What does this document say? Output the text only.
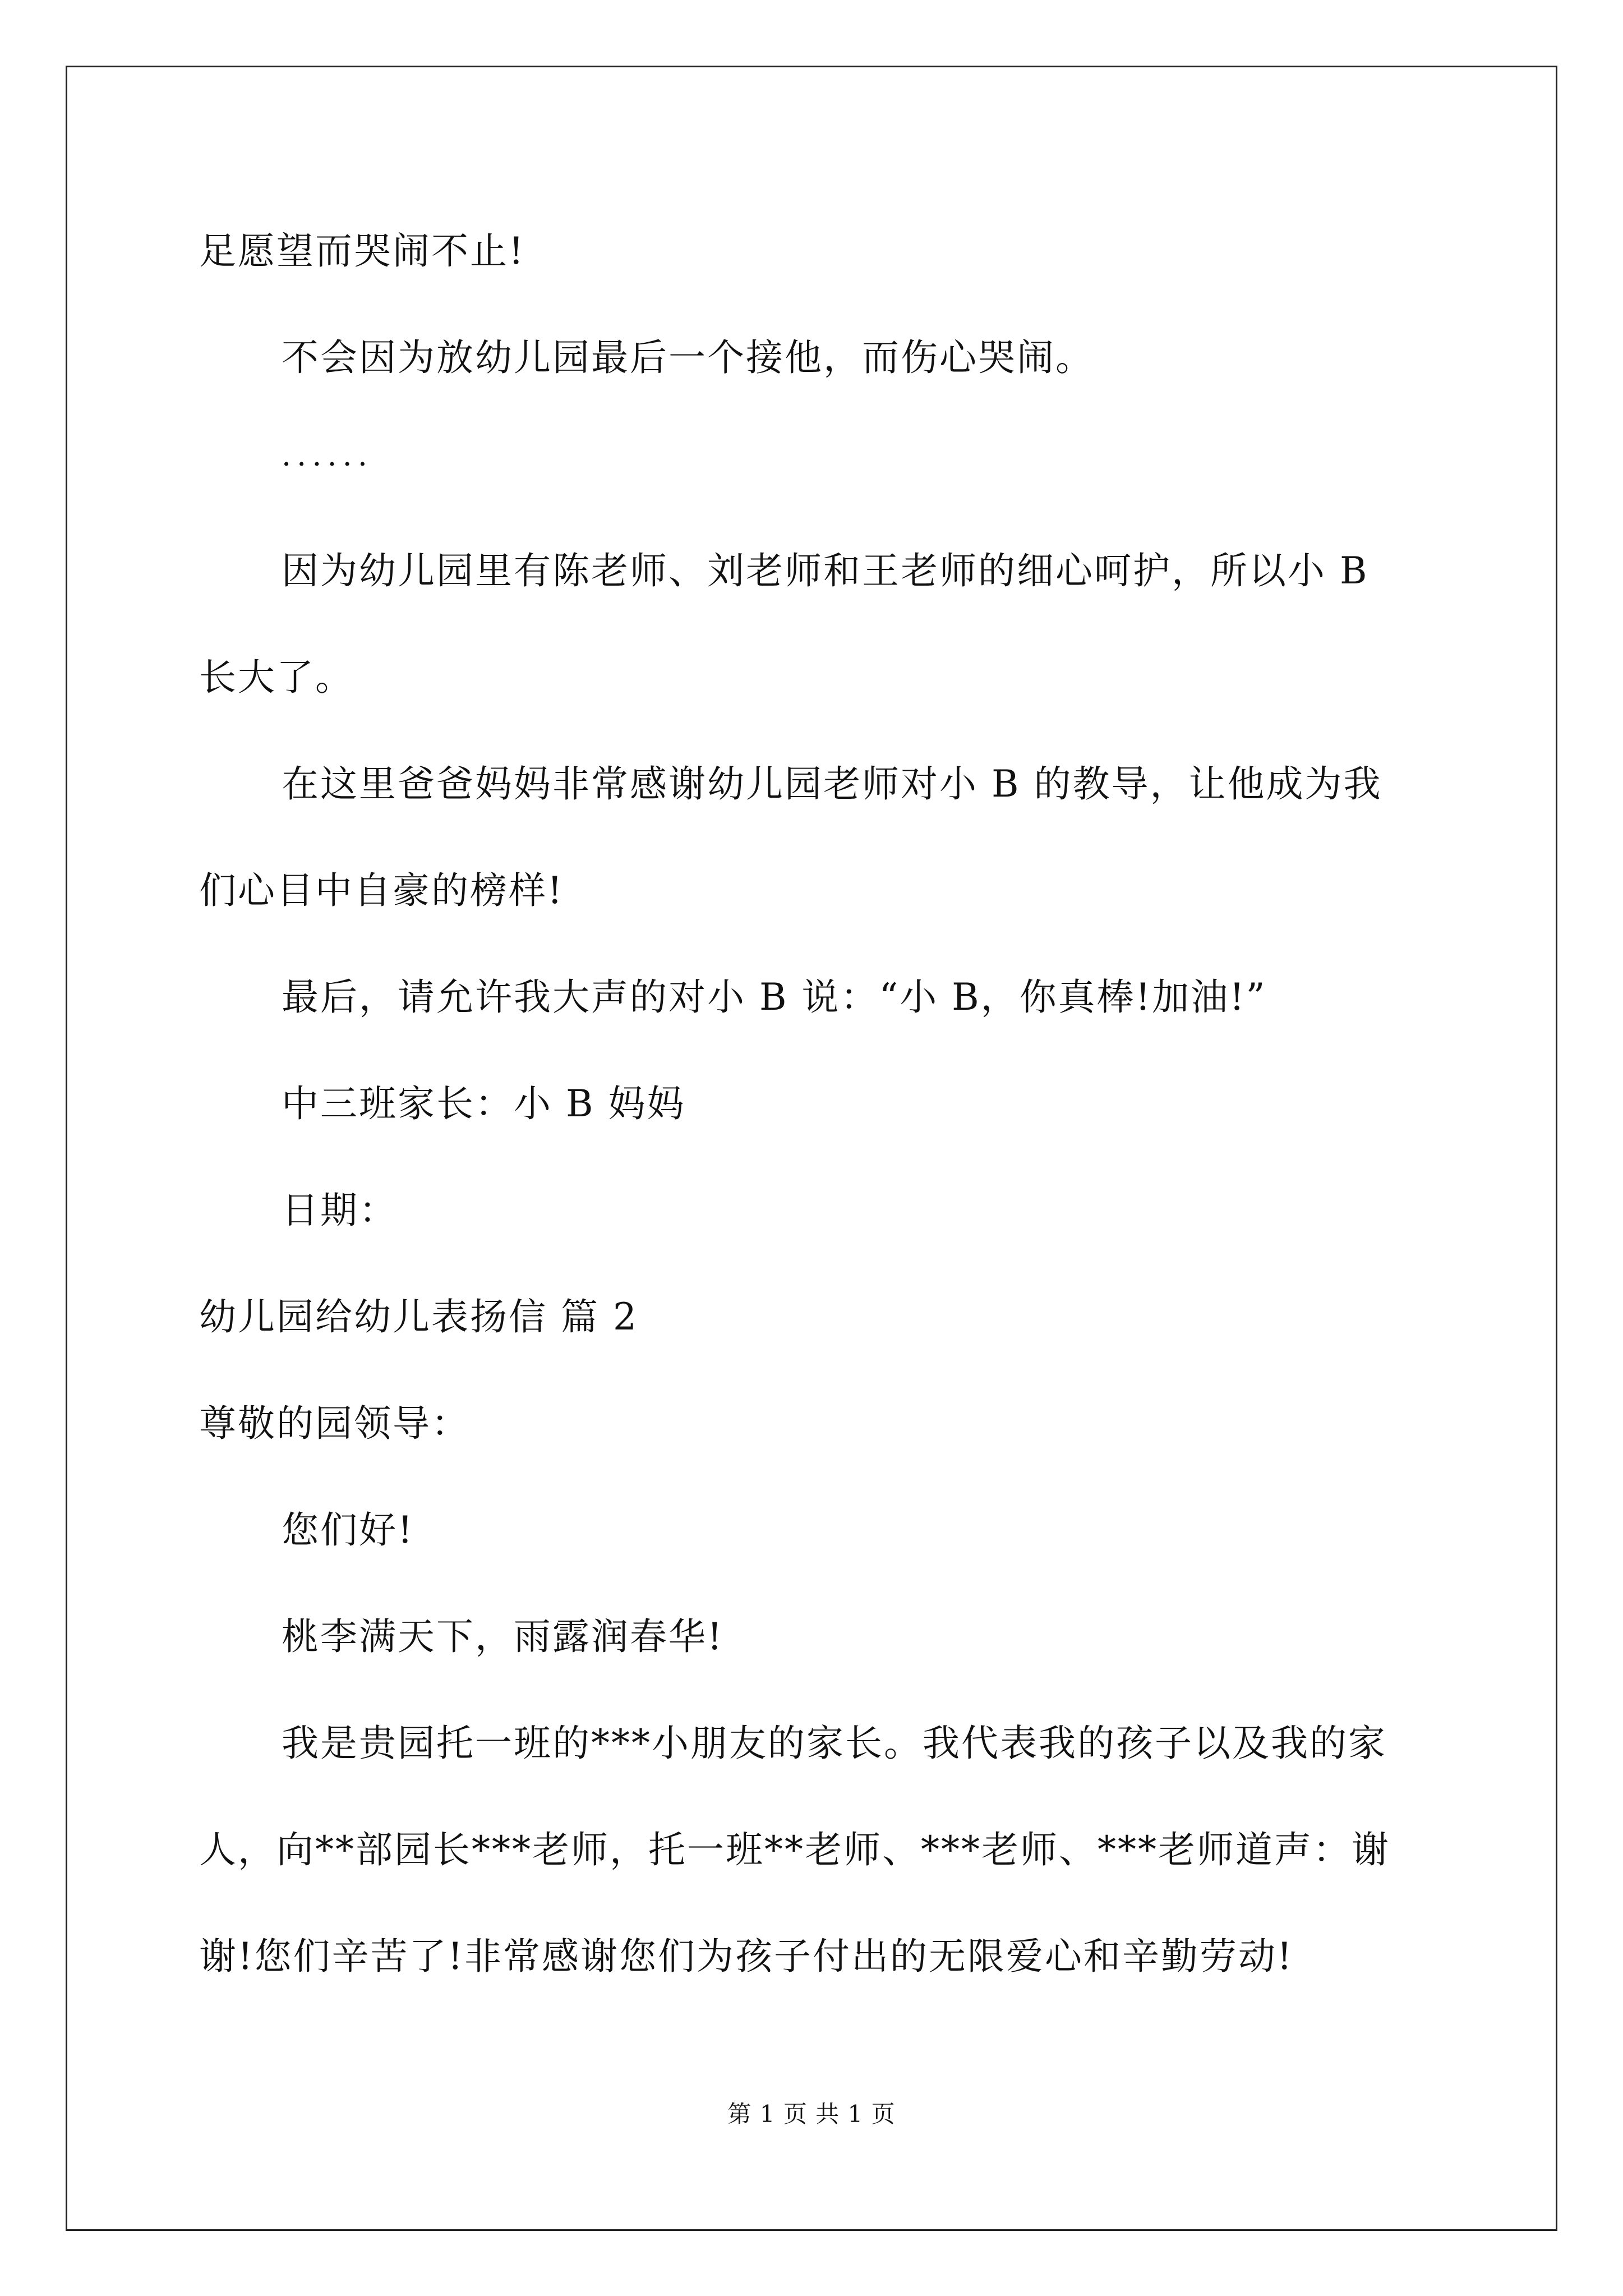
足愿望而哭闹不止!
不会因为放幼儿园最后一个接他，而伤心哭闹。
······
因为幼儿园里有陈老师、刘老师和王老师的细心呵护，所以小 B
长大了。
在这里爸爸妈妈非常感谢幼儿园老师对小 B 的教导，让他成为我
们心目中自豪的榜样!
最后，请允许我大声的对小 B 说：“小 B，你真棒!加油!”
中三班家长：小 B 妈妈
日期：
幼儿园给幼儿表扬信 篇 2
尊敬的园领导：
您们好!
桃李满天下，雨露润春华!
我是贵园托一班的***小朋友的家长。我代表我的孩子以及我的家
人，向**部园长***老师，托一班**老师、***老师、***老师道声：谢
谢!您们辛苦了!非常感谢您们为孩子付出的无限爱心和辛勤劳动!
第 1 页 共 1 页
